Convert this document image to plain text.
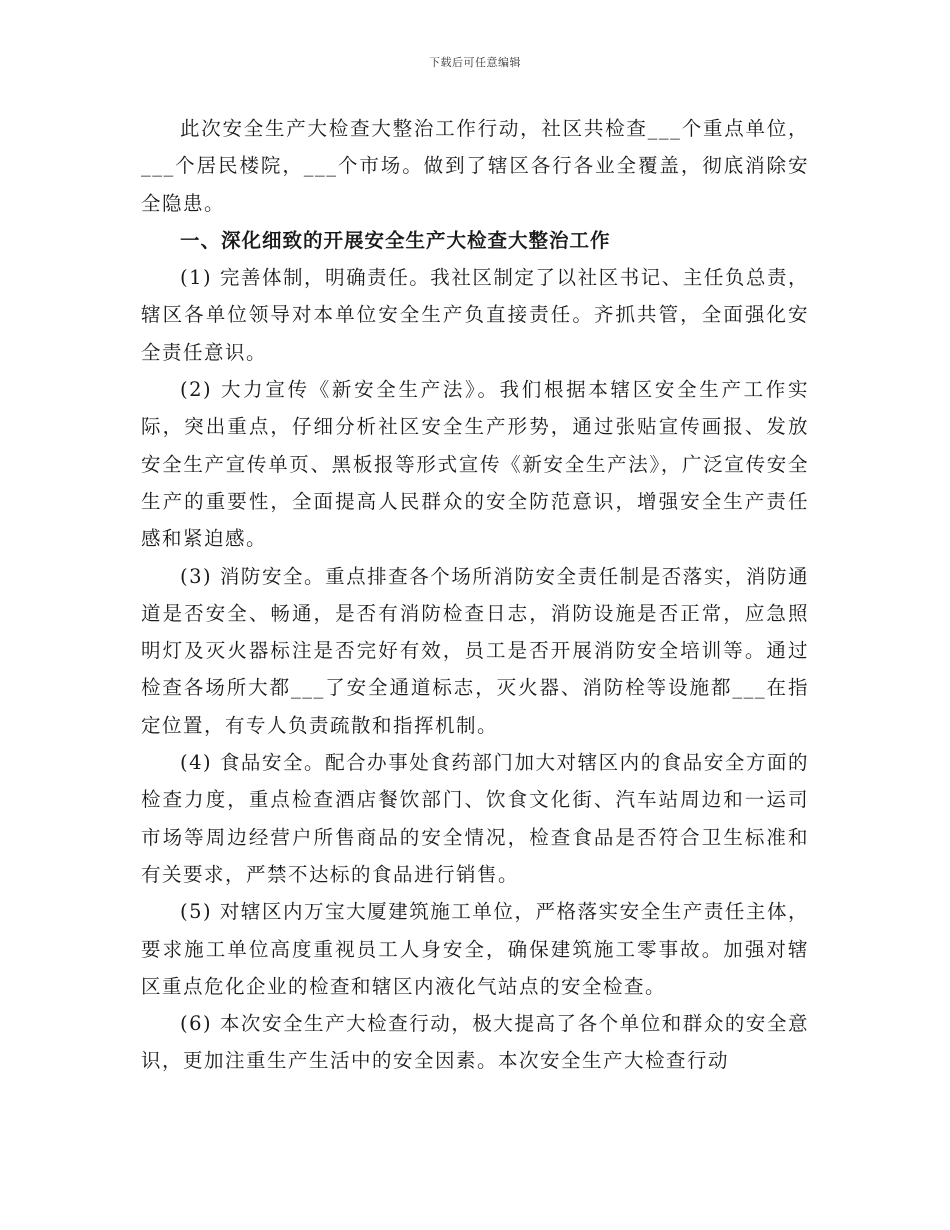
下载后可任意编辑

此次安全生产大检查大整治工作行动，社区共检查___个重点单位，___个居民楼院，___个市场。做到了辖区各行各业全覆盖，彻底消除安全隐患。

一、深化细致的开展安全生产大检查大整治工作

(1) 完善体制，明确责任。我社区制定了以社区书记、主任负总责，辖区各单位领导对本单位安全生产负直接责任。齐抓共管，全面强化安全责任意识。

(2) 大力宣传《新安全生产法》。我们根据本辖区安全生产工作实际，突出重点，仔细分析社区安全生产形势，通过张贴宣传画报、发放安全生产宣传单页、黑板报等形式宣传《新安全生产法》，广泛宣传安全生产的重要性，全面提高人民群众的安全防范意识，增强安全生产责任感和紧迫感。

(3) 消防安全。重点排查各个场所消防安全责任制是否落实，消防通道是否安全、畅通，是否有消防检查日志，消防设施是否正常，应急照明灯及灭火器标注是否完好有效，员工是否开展消防安全培训等。通过检查各场所大都___了安全通道标志，灭火器、消防栓等设施都___在指定位置，有专人负责疏散和指挥机制。

(4) 食品安全。配合办事处食药部门加大对辖区内的食品安全方面的检查力度，重点检查酒店餐饮部门、饮食文化街、汽车站周边和一运司市场等周边经营户所售商品的安全情况，检查食品是否符合卫生标准和有关要求，严禁不达标的食品进行销售。

(5) 对辖区内万宝大厦建筑施工单位，严格落实安全生产责任主体，要求施工单位高度重视员工人身安全，确保建筑施工零事故。加强对辖区重点危化企业的检查和辖区内液化气站点的安全检查。

(6) 本次安全生产大检查行动，极大提高了各个单位和群众的安全意识，更加注重生产生活中的安全因素。本次安全生产大检查行动
